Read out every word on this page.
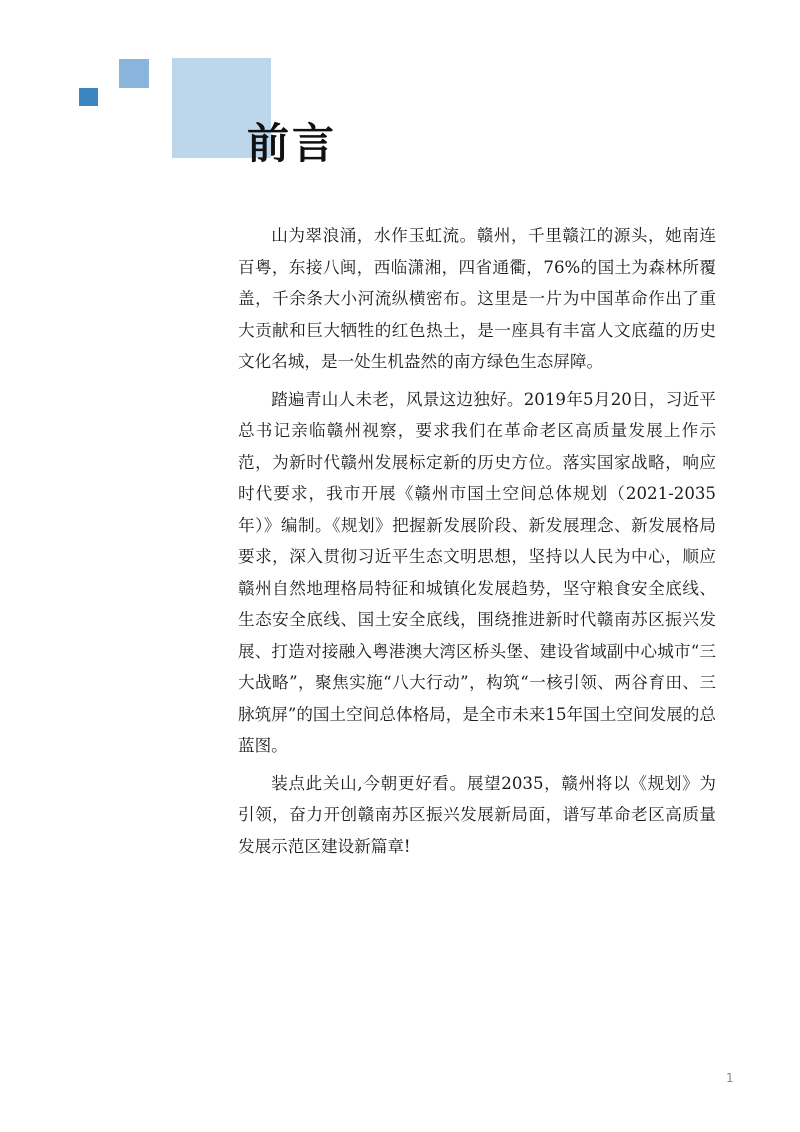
前言

山为翠浪涌，水作玉虹流。赣州，千里赣江的源头，她南连百粤，东接八闽，西临潇湘，四省通衢，76%的国土为森林所覆盖，千余条大小河流纵横密布。这里是一片为中国革命作出了重大贡献和巨大牺牲的红色热土，是一座具有丰富人文底蕴的历史文化名城，是一处生机盎然的南方绿色生态屏障。

踏遍青山人未老，风景这边独好。2019年5月20日，习近平总书记亲临赣州视察，要求我们在革命老区高质量发展上作示范，为新时代赣州发展标定新的历史方位。落实国家战略，响应时代要求，我市开展《赣州市国土空间总体规划（2021-2035年）》编制。《规划》把握新发展阶段、新发展理念、新发展格局要求，深入贯彻习近平生态文明思想，坚持以人民为中心，顺应赣州自然地理格局特征和城镇化发展趋势，坚守粮食安全底线、生态安全底线、国土安全底线，围绕推进新时代赣南苏区振兴发展、打造对接融入粤港澳大湾区桥头堡、建设省域副中心城市“三大战略”，聚焦实施“八大行动”，构筑“一核引领、两谷育田、三脉筑屏”的国土空间总体格局，是全市未来15年国土空间发展的总蓝图。

装点此关山,今朝更好看。展望2035，赣州将以《规划》为引领，奋力开创赣南苏区振兴发展新局面，谱写革命老区高质量发展示范区建设新篇章!

1
